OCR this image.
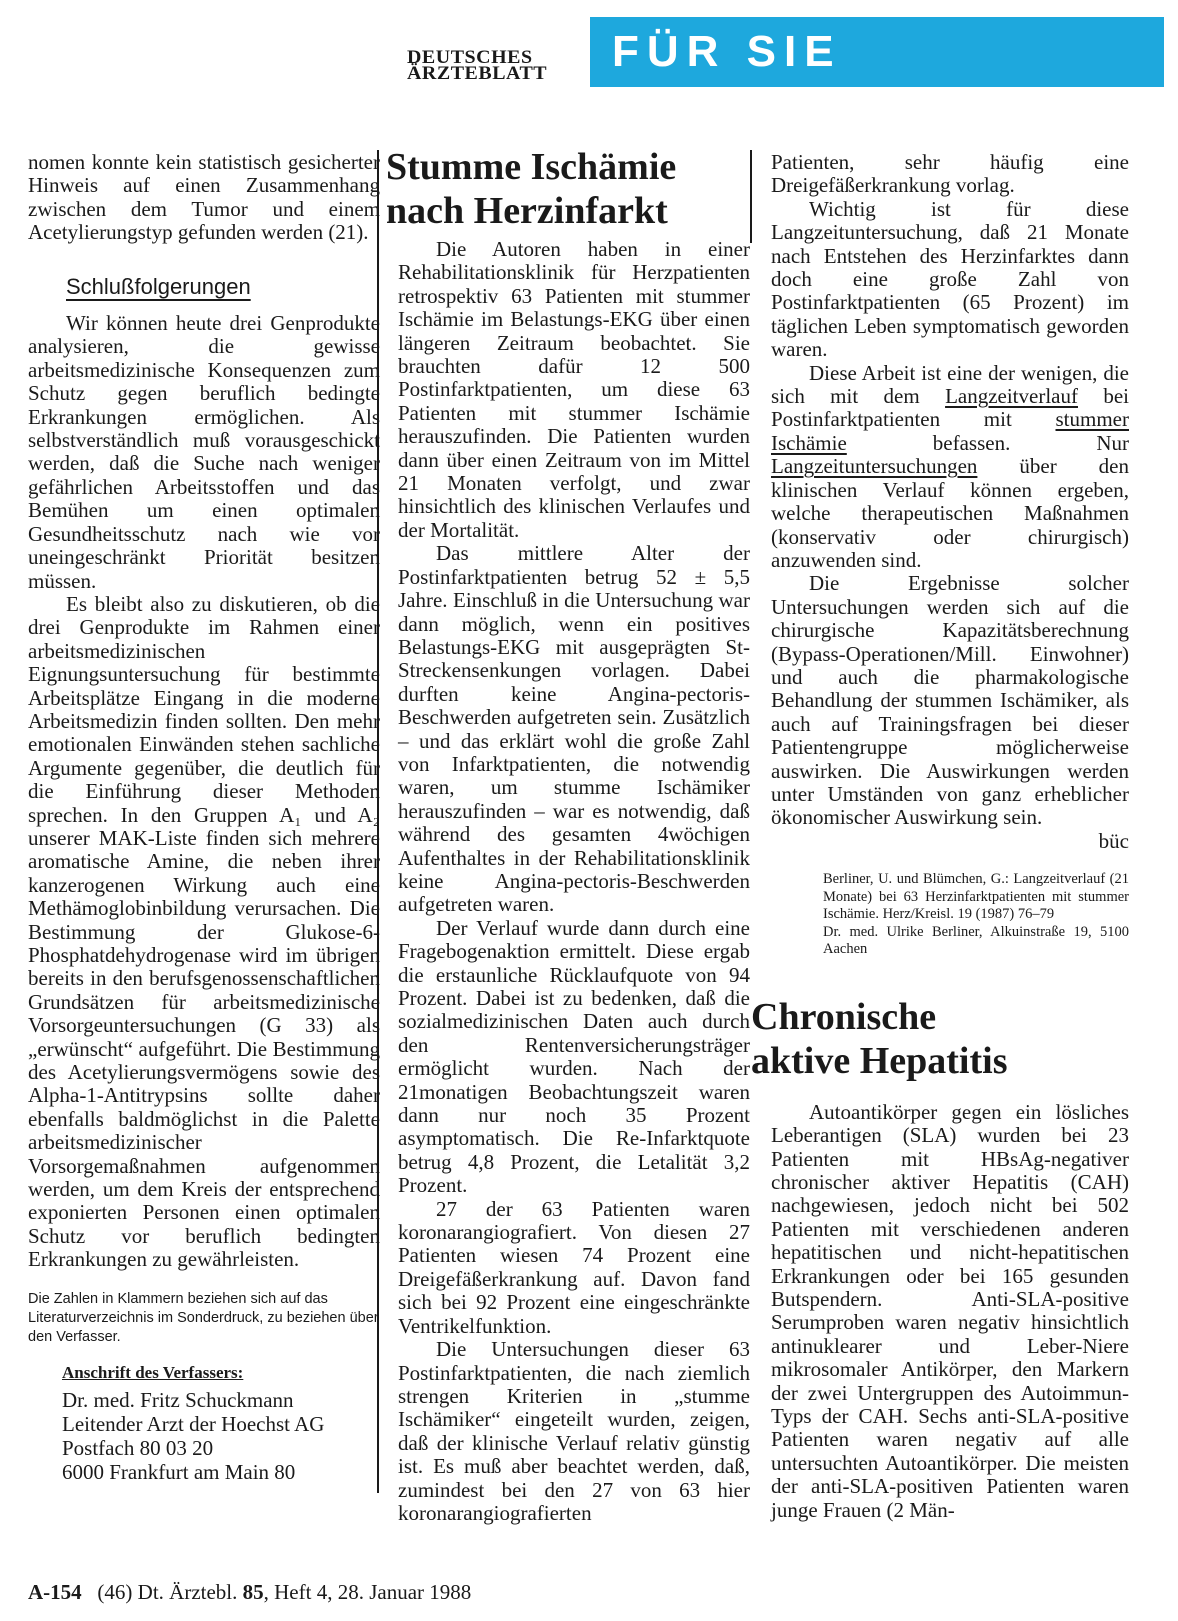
DEUTSCHES
ÄRZTEBLATT	FÜR SIE REFERIERT

nomen konnte kein statistisch gesicherter Hinweis auf einen Zusammenhang zwischen dem Tumor und einem Acetylierungstyp gefunden werden (21).

Schlußfolgerungen

Wir können heute drei Genprodukte analysieren, die gewisse arbeitsmedizinische Konsequenzen zum Schutz gegen beruflich bedingte Erkrankungen ermöglichen. Als selbstverständlich muß vorausgeschickt werden, daß die Suche nach weniger gefährlichen Arbeitsstoffen und das Bemühen um einen optimalen Gesundheitsschutz nach wie vor uneingeschränkt Priorität besitzen müssen.

Es bleibt also zu diskutieren, ob die drei Genprodukte im Rahmen einer arbeitsmedizinischen Eignungsuntersuchung für bestimmte Arbeitsplätze Eingang in die moderne Arbeitsmedizin finden sollten. Den mehr emotionalen Einwänden stehen sachliche Argumente gegenüber, die deutlich für die Einführung dieser Methoden sprechen. In den Gruppen A₁ und A₂ unserer MAK-Liste finden sich mehrere aromatische Amine, die neben ihrer kanzerogenen Wirkung auch eine Methämoglobinbildung verursachen. Die Bestimmung der Glukose-6-Phosphatdehydrogenase wird im übrigen bereits in den berufsgenossenschaftlichen Grundsätzen für arbeitsmedizinische Vorsorgeuntersuchungen (G 33) als „erwünscht“ aufgeführt. Die Bestimmung des Acetylierungsvermögens sowie des Alpha-1-Antitrypsins sollte daher ebenfalls baldmöglichst in die Palette arbeitsmedizinischer Vorsorgemaßnahmen aufgenommen werden, um dem Kreis der entsprechend exponierten Personen einen optimalen Schutz vor beruflich bedingten Erkrankungen zu gewährleisten.

Die Zahlen in Klammern beziehen sich auf das Literaturverzeichnis im Sonderdruck, zu beziehen über den Verfasser.
Anschrift des Verfassers:
Dr. med. Fritz Schuckmann
Leitender Arzt der Hoechst AG
Postfach 80 03 20
6000 Frankfurt am Main 80
Stumme Ischämie
nach Herzinfarkt

Die Autoren haben in einer Rehabilitationsklinik für Herzpatienten retrospektiv 63 Patienten mit stummer Ischämie im Belastungs-EKG über einen längeren Zeitraum beobachtet. Sie brauchten dafür 12 500 Postinfarktpatienten, um diese 63 Patienten mit stummer Ischämie herauszufinden. Die Patienten wurden dann über einen Zeitraum von im Mittel 21 Monaten verfolgt, und zwar hinsichtlich des klinischen Verlaufes und der Mortalität.

Das mittlere Alter der Postinfarktpatienten betrug 52 ± 5,5 Jahre. Einschluß in die Untersuchung war dann möglich, wenn ein positives Belastungs-EKG mit ausgeprägten St-Streckensenkungen vorlagen. Dabei durften keine Angina-pectoris-Beschwerden aufgetreten sein. Zusätzlich – und das erklärt wohl die große Zahl von Infarktpatienten, die notwendig waren, um stumme Ischämiker herauszufinden – war es notwendig, daß während des gesamten 4wöchigen Aufenthaltes in der Rehabilitationsklinik keine Angina-pectoris-Beschwerden aufgetreten waren.

Der Verlauf wurde dann durch eine Fragebogenaktion ermittelt. Diese ergab die erstaunliche Rücklaufquote von 94 Prozent. Dabei ist zu bedenken, daß die sozialmedizinischen Daten auch durch den Rentenversicherungsträger ermöglicht wurden. Nach der 21monatigen Beobachtungszeit waren dann nur noch 35 Prozent asymptomatisch. Die Re-Infarktquote betrug 4,8 Prozent, die Letalität 3,2 Prozent.

27 der 63 Patienten waren koronarangiografiert. Von diesen 27 Patienten wiesen 74 Prozent eine Dreigefäßerkrankung auf. Davon fand sich bei 92 Prozent eine eingeschränkte Ventrikelfunktion.

Die Untersuchungen dieser 63 Postinfarktpatienten, die nach ziemlich strengen Kriterien in „stumme Ischämiker“ eingeteilt wurden, zeigen, daß der klinische Verlauf relativ günstig ist. Es muß aber beachtet werden, daß, zumindest bei den 27 von 63 hier koronarangiografierten

Patienten, sehr häufig eine Dreigefäßerkrankung vorlag.

Wichtig ist für diese Langzeituntersuchung, daß 21 Monate nach Entstehen des Herzinfarktes dann doch eine große Zahl von Postinfarktpatienten (65 Prozent) im täglichen Leben symptomatisch geworden waren.

Diese Arbeit ist eine der wenigen, die sich mit dem Langzeitverlauf bei Postinfarktpatienten mit stummer Ischämie befassen. Nur Langzeituntersuchungen über den klinischen Verlauf können ergeben, welche therapeutischen Maßnahmen (konservativ oder chirurgisch) anzuwenden sind.

Die Ergebnisse solcher Untersuchungen werden sich auf die chirurgische Kapazitätsberechnung (Bypass-Operationen/Mill. Einwohner) und auch die pharmakologische Behandlung der stummen Ischämiker, als auch auf Trainingsfragen bei dieser Patientengruppe möglicherweise auswirken. Die Auswirkungen werden unter Umständen von ganz erheblicher ökonomischer Auswirkung sein.

büc
Berliner, U. und Blümchen, G.: Langzeitverlauf (21 Monate) bei 63 Herzinfarktpatienten mit stummer Ischämie. Herz/Kreisl. 19 (1987) 76–79
Dr. med. Ulrike Berliner, Alkuinstraße 19, 5100 Aachen
Chronische
aktive Hepatitis

Autoantikörper gegen ein lösliches Leberantigen (SLA) wurden bei 23 Patienten mit HBsAg-negativer chronischer aktiver Hepatitis (CAH) nachgewiesen, jedoch nicht bei 502 Patienten mit verschiedenen anderen hepatitischen und nicht-hepatitischen Erkrankungen oder bei 165 gesunden Butspendern. Anti-SLA-positive Serumproben waren negativ hinsichtlich antinuklearer und Leber-Niere mikrosomaler Antikörper, den Markern der zwei Untergruppen des Autoimmun-Typs der CAH. Sechs anti-SLA-positive Patienten waren negativ auf alle untersuchten Autoantikörper. Die meisten der anti-SLA-positiven Patienten waren junge Frauen (2 Män-

A-154 (46) Dt. Ärztebl. 85, Heft 4, 28. Januar 1988
